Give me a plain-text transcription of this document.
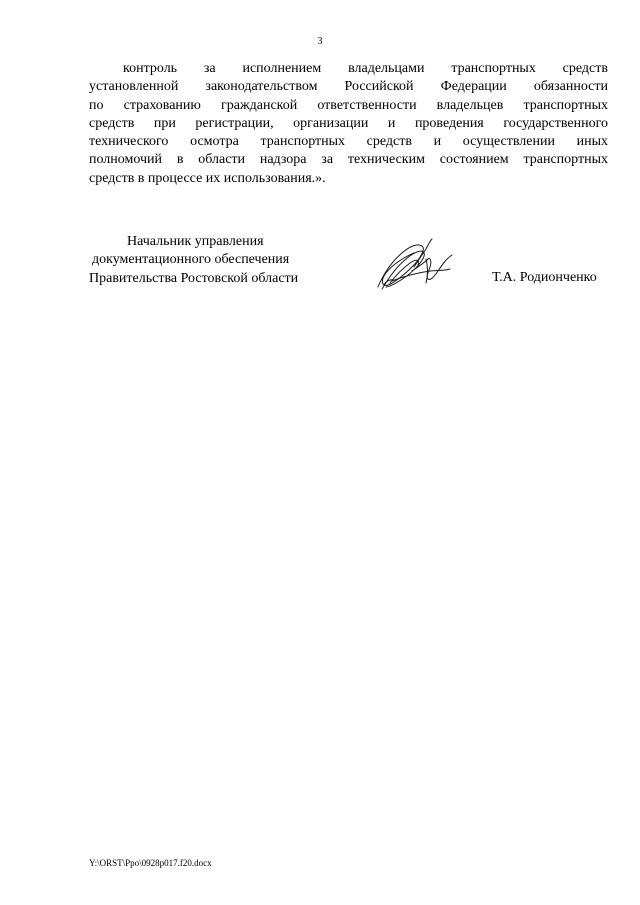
3
контроль за исполнением владельцами транспортных средств
установленной законодательством Российской Федерации обязанности
по страхованию гражданской ответственности владельцев транспортных
средств при регистрации, организации и проведения государственного
технического осмотра транспортных средств и осуществлении иных
полномочий в области надзора за техническим состоянием транспортных
средств в процессе их использования.».
Начальник управления
документационного обеспечения
Правительства Ростовской области	Т.А. Родионченко
Y:\ORST\Ppo\0928p017.f20.docx
